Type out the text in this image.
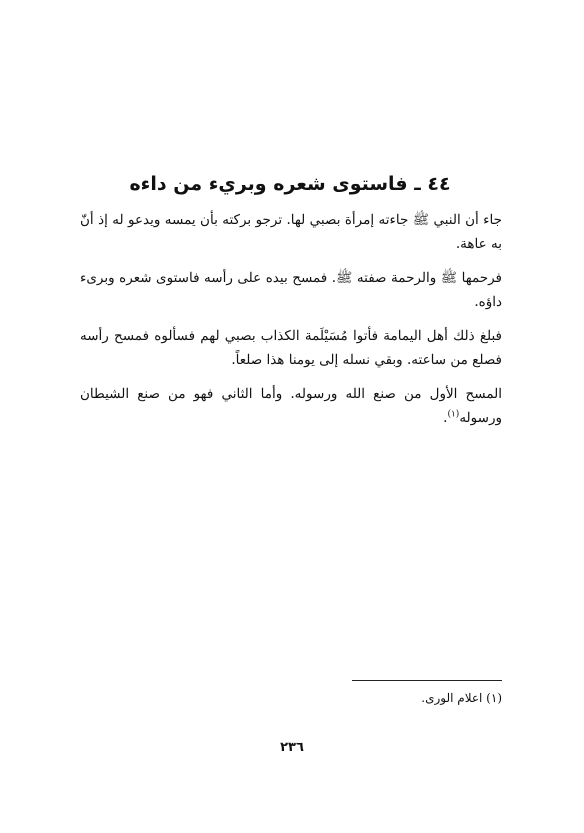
٤٤ ـ فاستوى شعره وبريء من داءه

جاء أن النبي ﷺ جاءته إمرأة بصبي لها. ترجو بركته بأن يمسه ويدعو له إذ أنّ به عاهة.

فرحمها ﷺ والرحمة صفته ﷺ. فمسح بيده على رأسه فاستوى شعره وبرىء داؤه.

فبلغ ذلك أهل اليمامة فأتوا مُسَيْلَمة الكذاب بصبي لهم فسألوه فمسح رأسه فصلع من ساعته. وبقي نسله إلى يومنا هذا صلعاً.

المسح الأول من صنع الله ورسوله. وأما الثاني فهو من صنع الشيطان ورسوله$^{(١)}$.

(١) اعلام الورى.
٢٣٦
